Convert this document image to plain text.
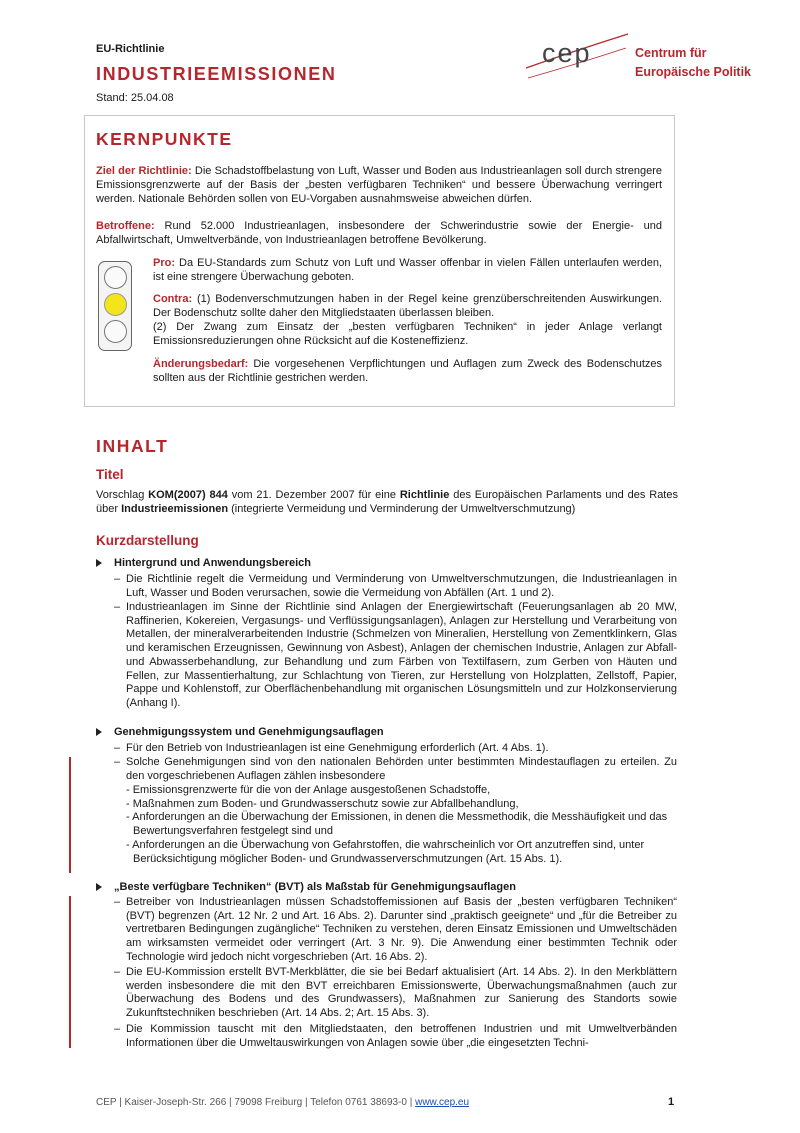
EU-Richtlinie
INDUSTRIEEMISSIONEN
Stand: 25.04.08
cep	Centrum für
Europäische Politik
KERNPUNKTE
Ziel der Richtlinie: Die Schadstoffbelastung von Luft, Wasser und Boden aus Industrieanlagen soll durch strengere Emissionsgrenzwerte auf der Basis der „besten verfügbaren Techniken“ und bessere Überwachung verringert werden. Nationale Behörden sollen von EU-Vorgaben ausnahmsweise abweichen dürfen.
Betroffene: Rund 52.000 Industrieanlagen, insbesondere der Schwerindustrie sowie der Energie- und Abfallwirtschaft, Umweltverbände, von Industrieanlagen betroffene Bevölkerung.
Pro: Da EU-Standards zum Schutz von Luft und Wasser offenbar in vielen Fällen unterlaufen werden, ist eine strengere Überwachung geboten.
Contra: (1) Bodenverschmutzungen haben in der Regel keine grenzüberschreitenden Auswirkungen. Der Bodenschutz sollte daher den Mitgliedstaaten überlassen bleiben.
(2) Der Zwang zum Einsatz der „besten verfügbaren Techniken“ in jeder Anlage verlangt Emissionsreduzierungen ohne Rücksicht auf die Kosteneffizienz.
Änderungsbedarf: Die vorgesehenen Verpflichtungen und Auflagen zum Zweck des Bodenschutzes sollten aus der Richtlinie gestrichen werden.
INHALT
Titel
Vorschlag KOM(2007) 844 vom 21. Dezember 2007 für eine Richtlinie des Europäischen Parlaments und des Rates über Industrieemissionen (integrierte Vermeidung und Verminderung der Umweltverschmutzung)
Kurzdarstellung
Hintergrund und Anwendungsbereich
– Die Richtlinie regelt die Vermeidung und Verminderung von Umweltverschmutzungen, die Industrieanlagen in Luft, Wasser und Boden verursachen, sowie die Vermeidung von Abfällen (Art. 1 und 2).
– Industrieanlagen im Sinne der Richtlinie sind Anlagen der Energiewirtschaft (Feuerungsanlagen ab 20 MW, Raffinerien, Kokereien, Vergasungs- und Verflüssigungsanlagen), Anlagen zur Herstellung und Verarbeitung von Metallen, der mineralverarbeitenden Industrie (Schmelzen von Mineralien, Herstellung von Zementklinkern, Glas und keramischen Erzeugnissen, Gewinnung von Asbest), Anlagen der chemischen Industrie, Anlagen zur Abfall- und Abwasserbehandlung, zur Behandlung und zum Färben von Textilfasern, zum Gerben von Häuten und Fellen, zur Massentierhaltung, zur Schlachtung von Tieren, zur Herstellung von Holzplatten, Zellstoff, Papier, Pappe und Kohlenstoff, zur Oberflächenbehandlung mit organischen Lösungsmitteln und zur Holzkonservierung (Anhang I).
Genehmigungssystem und Genehmigungsauflagen
– Für den Betrieb von Industrieanlagen ist eine Genehmigung erforderlich (Art. 4 Abs. 1).
– Solche Genehmigungen sind von den nationalen Behörden unter bestimmten Mindestauflagen zu erteilen. Zu den vorgeschriebenen Auflagen zählen insbesondere
- Emissionsgrenzwerte für die von der Anlage ausgestoßenen Schadstoffe,
- Maßnahmen zum Boden- und Grundwasserschutz sowie zur Abfallbehandlung,
- Anforderungen an die Überwachung der Emissionen, in denen die Messmethodik, die Messhäufigkeit und das Bewertungsverfahren festgelegt sind und
- Anforderungen an die Überwachung von Gefahrstoffen, die wahrscheinlich vor Ort anzutreffen sind, unter Berücksichtigung möglicher Boden- und Grundwasserverschmutzungen (Art. 15 Abs. 1).
„Beste verfügbare Techniken“ (BVT) als Maßstab für Genehmigungsauflagen
– Betreiber von Industrieanlagen müssen Schadstoffemissionen auf Basis der „besten verfügbaren Techniken“ (BVT) begrenzen (Art. 12 Nr. 2 und Art. 16 Abs. 2). Darunter sind „praktisch geeignete“ und „für die Betreiber zu vertretbaren Bedingungen zugängliche“ Techniken zu verstehen, deren Einsatz Emissionen und Umweltschäden am wirksamsten vermeidet oder verringert (Art. 3 Nr. 9). Die Anwendung einer bestimmten Technik oder Technologie wird jedoch nicht vorgeschrieben (Art. 16 Abs. 2).
– Die EU-Kommission erstellt BVT-Merkblätter, die sie bei Bedarf aktualisiert (Art. 14 Abs. 2). In den Merkblättern werden insbesondere die mit den BVT erreichbaren Emissionswerte, Überwachungsmaßnahmen (auch zur Überwachung des Bodens und des Grundwassers), Maßnahmen zur Sanierung des Standorts sowie Zukunftstechniken beschrieben (Art. 14 Abs. 2; Art. 15 Abs. 3).
– Die Kommission tauscht mit den Mitgliedstaaten, den betroffenen Industrien und mit Umweltverbänden Informationen über die Umweltauswirkungen von Anlagen sowie über „die eingesetzten Techni-
CEP | Kaiser-Joseph-Str. 266 | 79098 Freiburg | Telefon 0761 38693-0 | www.cep.eu	1
